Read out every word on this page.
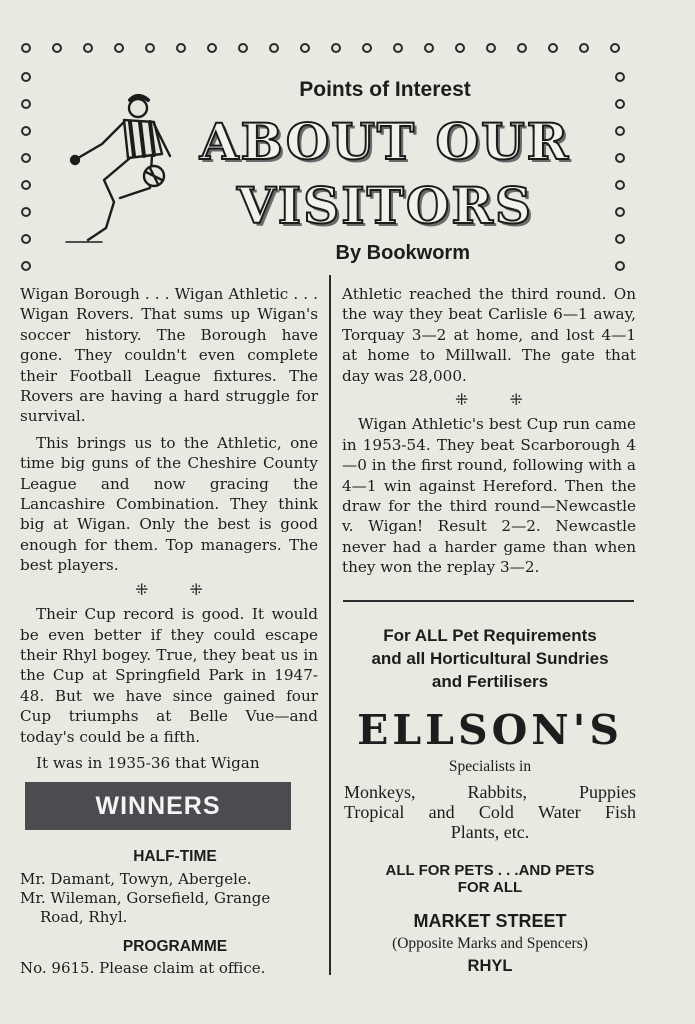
Points of Interest
ABOUT OUR
VISITORS
By Bookworm

Wigan Borough . . . Wigan Athletic . . . Wigan Rovers. That sums up Wigan's soccer history. The Borough have gone. They couldn't even complete their Football League fixtures. The Rovers are having a hard struggle for survival.

This brings us to the Athletic, one time big guns of the Cheshire County League and now gracing the Lancashire Combination. They think big at Wigan. Only the best is good enough for them. Top managers. The best players.

⁜ ⁜

Their Cup record is good. It would be even better if they could escape their Rhyl bogey. True, they beat us in the Cup at Springfield Park in 1947-48. But we have since gained four Cup triumphs at Belle Vue—and today's could be a fifth.

It was in 1935-36 that Wigan

Athletic reached the third round. On the way they beat Carlisle 6—1 away, Torquay 3—2 at home, and lost 4—1 at home to Millwall. The gate that day was 28,000.

⁜ ⁜

Wigan Athletic's best Cup run came in 1953-54. They beat Scarborough 4—0 in the first round, following with a 4—1 win against Hereford. Then the draw for the third round—Newcastle v. Wigan! Result 2—2. Newcastle never had a harder game than when they won the replay 3—2.

WINNERS
HALF-TIME
Mr. Damant, Towyn, Abergele.
Mr. Wileman, Gorsefield, Grange
Road, Rhyl.
PROGRAMME
No. 9615. Please claim at office.
For ALL Pet Requirements
and all Horticultural Sundries
and Fertilisers
ELLSON'S
Specialists in
Monkeys,	Rabbits,	Puppies
Tropical and Cold Water Fish
Plants, etc.
ALL FOR PETS . . .AND PETS
FOR ALL
MARKET STREET
(Opposite Marks and Spencers)
RHYL
